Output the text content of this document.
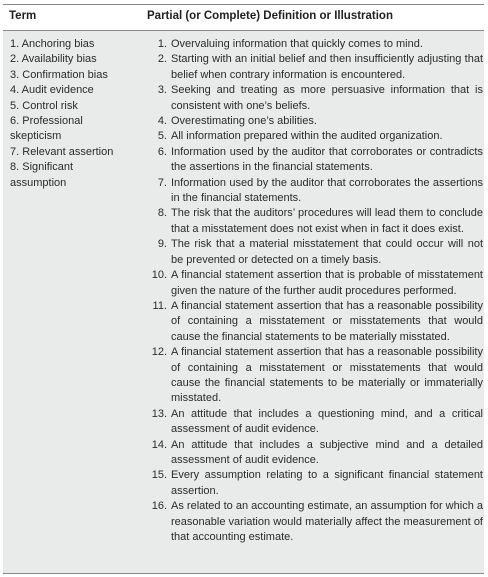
Term	Partial (or Complete) Definition or Illustration
1. Anchoring bias
2. Availability bias
3. Confirmation bias
4. Audit evidence
5. Control risk
6. Professional skepticism
7. Relevant assertion
8. Significant assumption
1. Overvaluing information that quickly comes to mind.
2. Starting with an initial belief and then insufficiently adjusting that belief when contrary information is encountered.
3. Seeking and treating as more persuasive information that is consistent with one’s beliefs.
4. Overestimating one’s abilities.
5. All information prepared within the audited organization.
6. Information used by the auditor that corroborates or contradicts the assertions in the financial statements.
7. Information used by the auditor that corroborates the assertions in the financial statements.
8. The risk that the auditors’ procedures will lead them to conclude that a misstatement does not exist when in fact it does exist.
9. The risk that a material misstatement that could occur will not be prevented or detected on a timely basis.
10. A financial statement assertion that is probable of misstatement given the nature of the further audit procedures performed.
11. A financial statement assertion that has a reasonable possibility of containing a misstatement or misstatements that would cause the financial statements to be materially misstated.
12. A financial statement assertion that has a reasonable possibility of containing a misstatement or misstatements that would cause the financial statements to be materially or immaterially misstated.
13. An attitude that includes a questioning mind, and a critical assessment of audit evidence.
14. An attitude that includes a subjective mind and a detailed assessment of audit evidence.
15. Every assumption relating to a significant financial statement assertion.
16. As related to an accounting estimate, an assumption for which a reasonable variation would materially affect the measurement of that accounting estimate.
